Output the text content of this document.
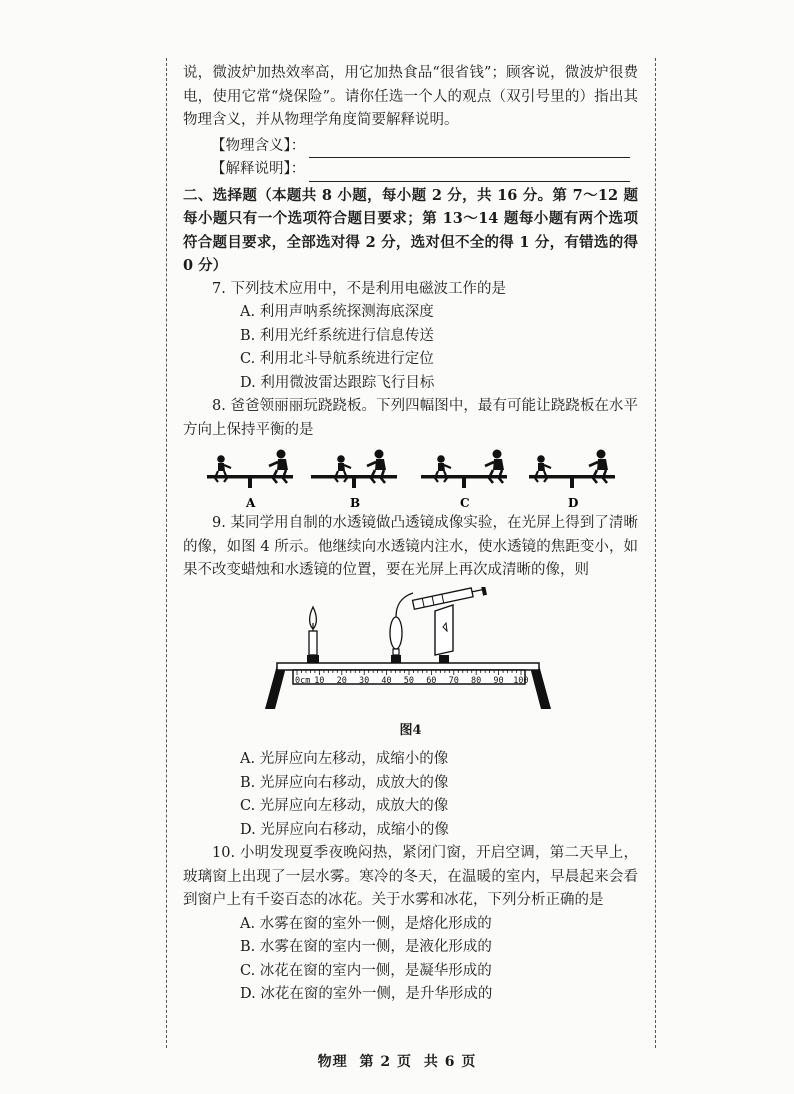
说，微波炉加热效率高，用它加热食品“很省钱”；顾客说，微波炉很费电，使用它常“烧保险”。请你任选一个人的观点（双引号里的）指出其物理含义，并从物理学角度简要解释说明。

【物理含义】：
【解释说明】：

二、选择题（本题共 8 小题，每小题 2 分，共 16 分。第 7～12 题每小题只有一个选项符合题目要求；第 13～14 题每小题有两个选项符合题目要求，全部选对得 2 分，选对但不全的得 1 分，有错选的得 0 分）

7. 下列技术应用中，不是利用电磁波工作的是

A. 利用声呐系统探测海底深度

B. 利用光纤系统进行信息传送

C. 利用北斗导航系统进行定位

D. 利用微波雷达跟踪飞行目标

8. 爸爸领丽丽玩跷跷板。下列四幅图中，最有可能让跷跷板在水平方向上保持平衡的是

A	B	C	D

9. 某同学用自制的水透镜做凸透镜成像实验，在光屏上得到了清晰的像，如图 4 所示。他继续向水透镜内注水，使水透镜的焦距变小，如果不改变蜡烛和水透镜的位置，要在光屏上再次成清晰的像，则

0cm 10 20 30 40 50 60 70 80 90 100
图4

A. 光屏应向左移动，成缩小的像

B. 光屏应向右移动，成放大的像

C. 光屏应向左移动，成放大的像

D. 光屏应向右移动，成缩小的像

10. 小明发现夏季夜晚闷热，紧闭门窗，开启空调，第二天早上，玻璃窗上出现了一层水雾。寒冷的冬天，在温暖的室内，早晨起来会看到窗户上有千姿百态的冰花。关于水雾和冰花，下列分析正确的是

A. 水雾在窗的室外一侧，是熔化形成的

B. 水雾在窗的室内一侧，是液化形成的

C. 冰花在窗的室内一侧，是凝华形成的

D. 冰花在窗的室外一侧，是升华形成的

物理 第 2 页 共 6 页
